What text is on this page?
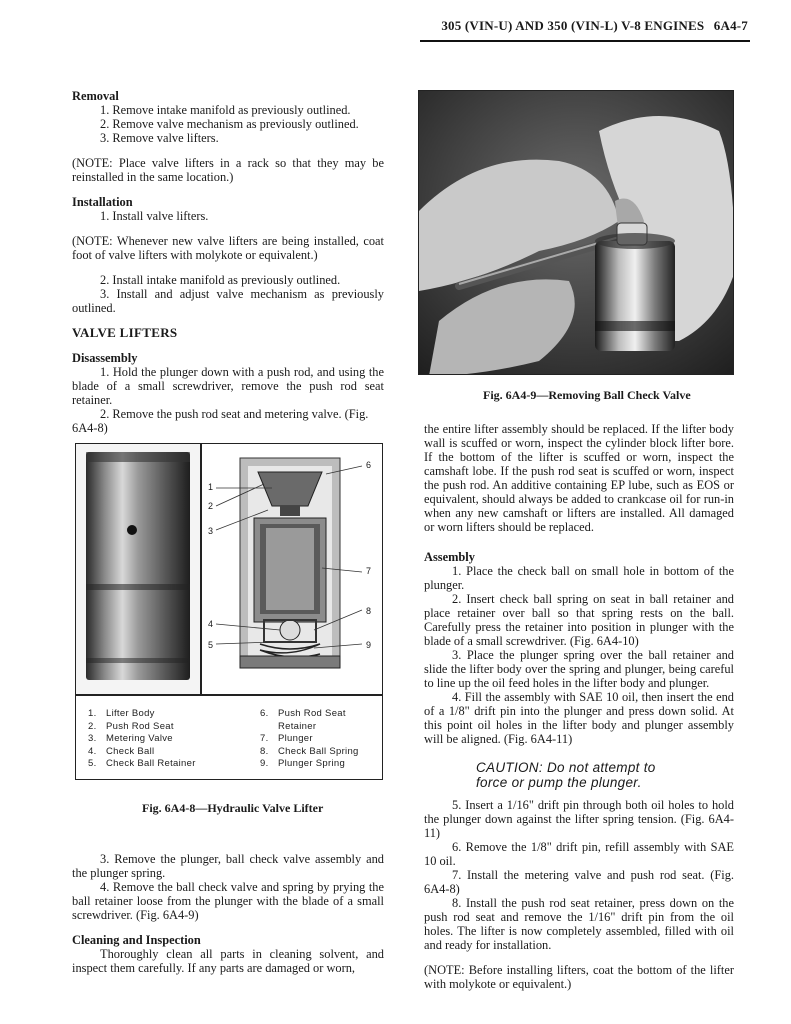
305 (VIN-U) AND 350 (VIN-L) V-8 ENGINES 6A4-7

Removal

1. Remove intake manifold as previously outlined.

2. Remove valve mechanism as previously outlined.

3. Remove valve lifters.

(NOTE: Place valve lifters in a rack so that they may be reinstalled in the same location.)

Installation

1. Install valve lifters.

(NOTE: Whenever new valve lifters are being installed, coat foot of valve lifters with molykote or equivalent.)

2. Install intake manifold as previously outlined.

3. Install and adjust valve mechanism as previously outlined.

VALVE LIFTERS

Disassembly

1. Hold the plunger down with a push rod, and using the blade of a small screwdriver, remove the push rod seat retainer.

2. Remove the push rod seat and metering valve. (Fig. 6A4-8)

1
2
3
4
5
6
7
8
9
1. Lifter Body
2. Push Rod Seat
3. Metering Valve
4. Check Ball
5. Check Ball Retainer
6. Push Rod Seat
Retainer
7. Plunger
8. Check Ball Spring
9. Plunger Spring
Fig. 6A4-8—Hydraulic Valve Lifter

3. Remove the plunger, ball check valve assembly and the plunger spring.

4. Remove the ball check valve and spring by prying the ball retainer loose from the plunger with the blade of a small screwdriver. (Fig. 6A4-9)

Cleaning and Inspection

Thoroughly clean all parts in cleaning solvent, and inspect them carefully. If any parts are damaged or worn,

Fig. 6A4-9—Removing Ball Check Valve

the entire lifter assembly should be replaced. If the lifter body wall is scuffed or worn, inspect the cylinder block lifter bore. If the bottom of the lifter is scuffed or worn, inspect the camshaft lobe. If the push rod seat is scuffed or worn, inspect the push rod. An additive containing EP lube, such as EOS or equivalent, should always be added to crankcase oil for run-in when any new camshaft or lifters are installed. All damaged or worn lifters should be replaced.

Assembly

1. Place the check ball on small hole in bottom of the plunger.

2. Insert check ball spring on seat in ball retainer and place retainer over ball so that spring rests on the ball. Carefully press the retainer into position in plunger with the blade of a small screwdriver. (Fig. 6A4-10)

3. Place the plunger spring over the ball retainer and slide the lifter body over the spring and plunger, being careful to line up the oil feed holes in the lifter body and plunger.

4. Fill the assembly with SAE 10 oil, then insert the end of a 1/8" drift pin into the plunger and press down solid. At this point oil holes in the lifter body and plunger assembly will be aligned. (Fig. 6A4-11)

CAUTION: Do not attempt to
force or pump the plunger.

5. Insert a 1/16" drift pin through both oil holes to hold the plunger down against the lifter spring tension. (Fig. 6A4-11)

6. Remove the 1/8" drift pin, refill assembly with SAE 10 oil.

7. Install the metering valve and push rod seat. (Fig. 6A4-8)

8. Install the push rod seat retainer, press down on the push rod seat and remove the 1/16" drift pin from the oil holes. The lifter is now completely assembled, filled with oil and ready for installation.

(NOTE: Before installing lifters, coat the bottom of the lifter with molykote or equivalent.)
